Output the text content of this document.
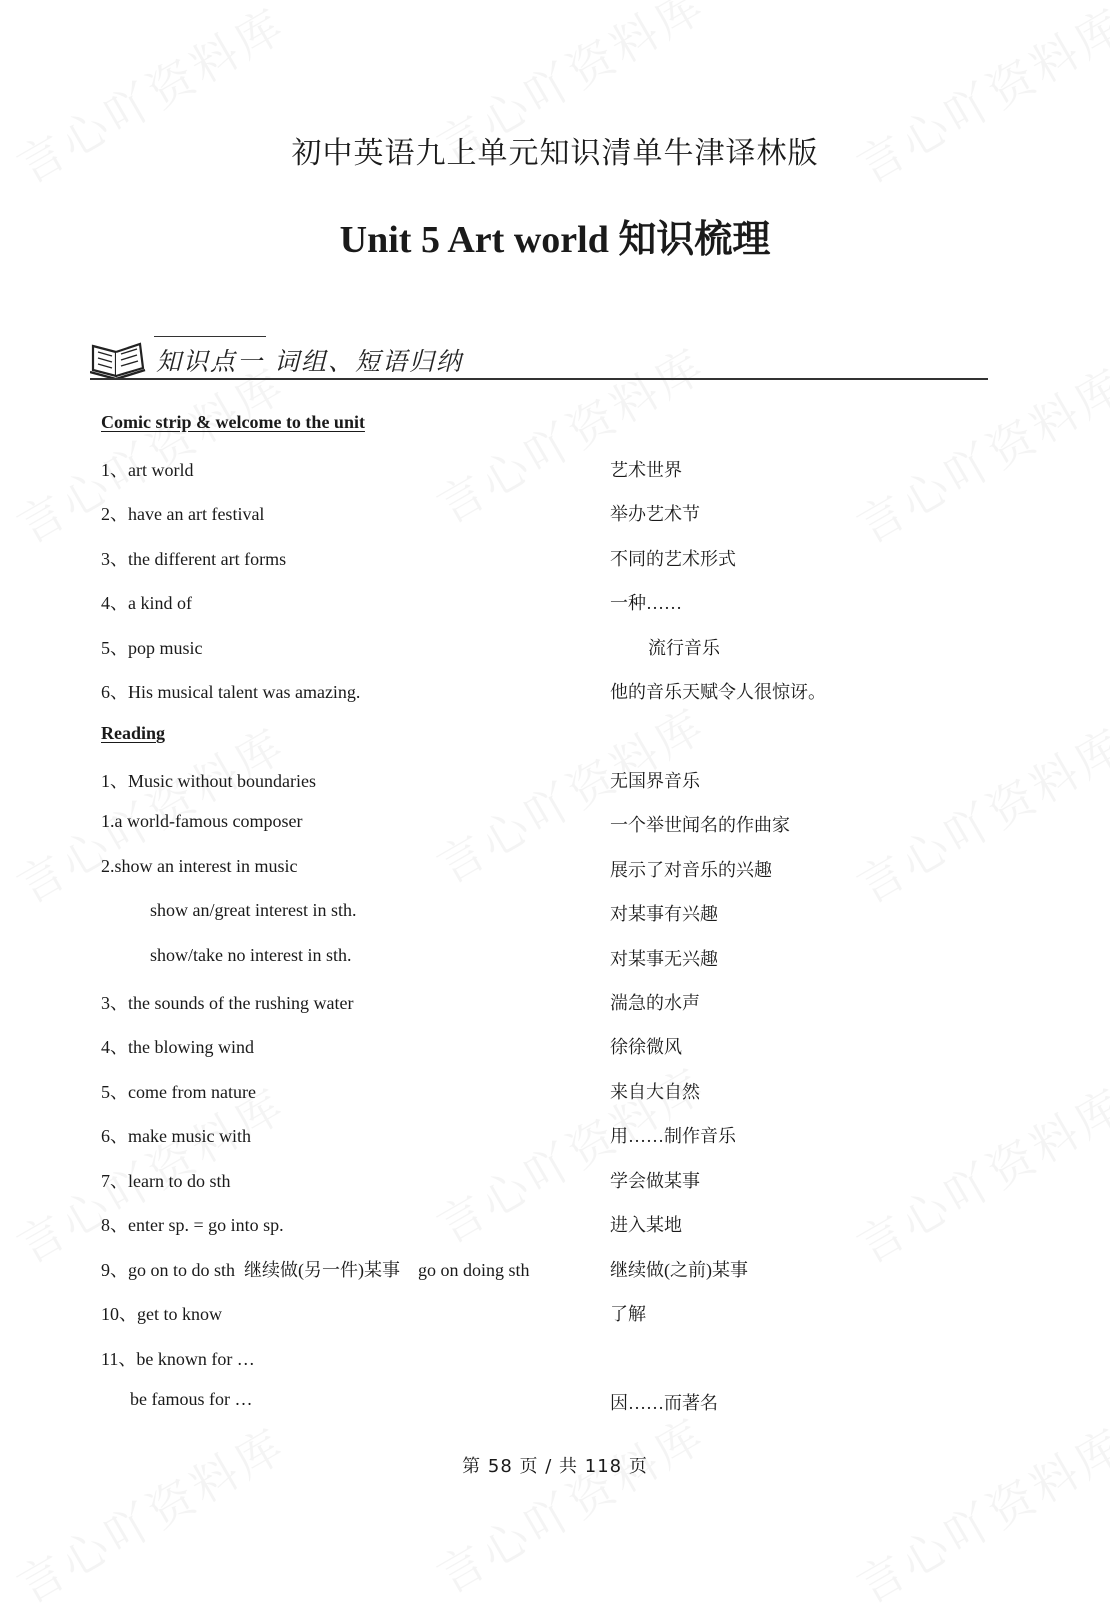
初中英语九上单元知识清单牛津译林版
Unit 5 Art world 知识梳理
知识点一 词组、短语归纳
Comic strip & welcome to the unit
1、art world	艺术世界
2、have an art festival	举办艺术节
3、the different art forms	不同的艺术形式
4、a kind of	一种……
5、pop music	流行音乐
6、His musical talent was amazing.	他的音乐天赋令人很惊讶。
Reading
1、Music without boundaries	无国界音乐
1.a world-famous composer	一个举世闻名的作曲家
2.show an interest in music	展示了对音乐的兴趣
show an/great interest in sth.	对某事有兴趣
show/take no interest in sth.	对某事无兴趣
3、the sounds of the rushing water	湍急的水声
4、the blowing wind	徐徐微风
5、come from nature	来自大自然
6、make music with	用……制作音乐
7、learn to do sth	学会做某事
8、enter sp. = go into sp.	进入某地
9、go on to do sth  继续做(另一件)某事    go on doing sth	继续做(之前)某事
10、get to know	了解
11、be known for …
be famous for …	因……而著名
第 58 页 / 共 118 页
